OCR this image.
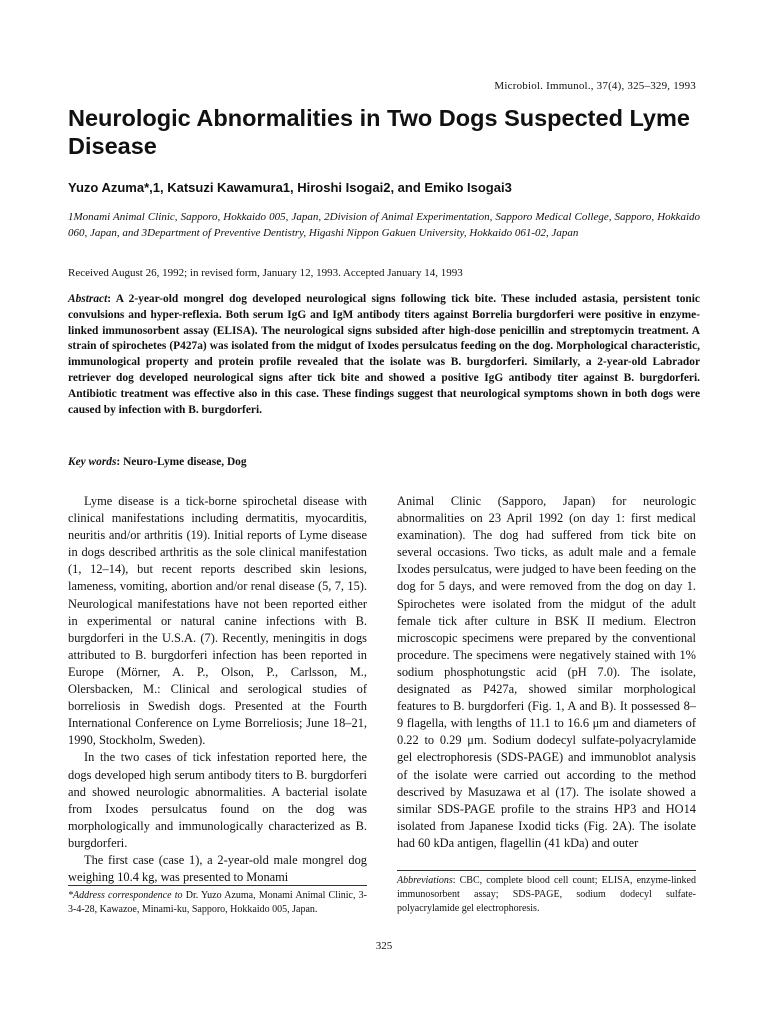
Microbiol. Immunol., 37(4), 325–329, 1993
Neurologic Abnormalities in Two Dogs Suspected Lyme Disease
Yuzo Azuma*,1, Katsuzi Kawamura1, Hiroshi Isogai2, and Emiko Isogai3
1Monami Animal Clinic, Sapporo, Hokkaido 005, Japan, 2Division of Animal Experimentation, Sapporo Medical College, Sapporo, Hokkaido 060, Japan, and 3Department of Preventive Dentistry, Higashi Nippon Gakuen University, Hokkaido 061-02, Japan
Received August 26, 1992; in revised form, January 12, 1993. Accepted January 14, 1993
Abstract: A 2-year-old mongrel dog developed neurological signs following tick bite. These included astasia, persistent tonic convulsions and hyper-reflexia. Both serum IgG and IgM antibody titers against Borrelia burgdorferi were positive in enzyme-linked immunosorbent assay (ELISA). The neurological signs subsided after high-dose penicillin and streptomycin treatment. A strain of spirochetes (P427a) was isolated from the midgut of Ixodes persulcatus feeding on the dog. Morphological characteristic, immunological property and protein profile revealed that the isolate was B. burgdorferi. Similarly, a 2-year-old Labrador retriever dog developed neurological signs after tick bite and showed a positive IgG antibody titer against B. burgdorferi. Antibiotic treatment was effective also in this case. These findings suggest that neurological symptoms shown in both dogs were caused by infection with B. burgdorferi.
Key words: Neuro-Lyme disease, Dog

Lyme disease is a tick-borne spirochetal disease with clinical manifestations including dermatitis, myocarditis, neuritis and/or arthritis (19). Initial reports of Lyme disease in dogs described arthritis as the sole clinical manifestation (1, 12–14), but recent reports described skin lesions, lameness, vomiting, abortion and/or renal disease (5, 7, 15). Neurological manifestations have not been reported either in experimental or natural canine infections with B. burgdorferi in the U.S.A. (7). Recently, meningitis in dogs attributed to B. burgdorferi infection has been reported in Europe (Mörner, A. P., Olson, P., Carlsson, M., Olersbacken, M.: Clinical and serological studies of borreliosis in Swedish dogs. Presented at the Fourth International Conference on Lyme Borreliosis; June 18–21, 1990, Stockholm, Sweden).

In the two cases of tick infestation reported here, the dogs developed high serum antibody titers to B. burgdorferi and showed neurologic abnormalities. A bacterial isolate from Ixodes persulcatus found on the dog was morphologically and immunologically characterized as B. burgdorferi.

The first case (case 1), a 2-year-old male mongrel dog weighing 10.4 kg, was presented to Monami

Animal Clinic (Sapporo, Japan) for neurologic abnormalities on 23 April 1992 (on day 1: first medical examination). The dog had suffered from tick bite on several occasions. Two ticks, as adult male and a female Ixodes persulcatus, were judged to have been feeding on the dog for 5 days, and were removed from the dog on day 1. Spirochetes were isolated from the midgut of the adult female tick after culture in BSK II medium. Electron microscopic specimens were prepared by the conventional procedure. The specimens were negatively stained with 1% sodium phosphotungstic acid (pH 7.0). The isolate, designated as P427a, showed similar morphological features to B. burgdorferi (Fig. 1, A and B). It possessed 8–9 flagella, with lengths of 11.1 to 16.6 μm and diameters of 0.22 to 0.29 μm. Sodium dodecyl sulfate-polyacrylamide gel electrophoresis (SDS-PAGE) and immunoblot analysis of the isolate were carried out according to the method descrived by Masuzawa et al (17). The isolate showed a similar SDS-PAGE profile to the strains HP3 and HO14 isolated from Japanese Ixodid ticks (Fig. 2A). The isolate had 60 kDa antigen, flagellin (41 kDa) and outer

*Address correspondence to Dr. Yuzo Azuma, Monami Animal Clinic, 3-3-4-28, Kawazoe, Minami-ku, Sapporo, Hokkaido 005, Japan.
Abbreviations: CBC, complete blood cell count; ELISA, enzyme-linked immunosorbent assay; SDS-PAGE, sodium dodecyl sulfate-polyacrylamide gel electrophoresis.
325
